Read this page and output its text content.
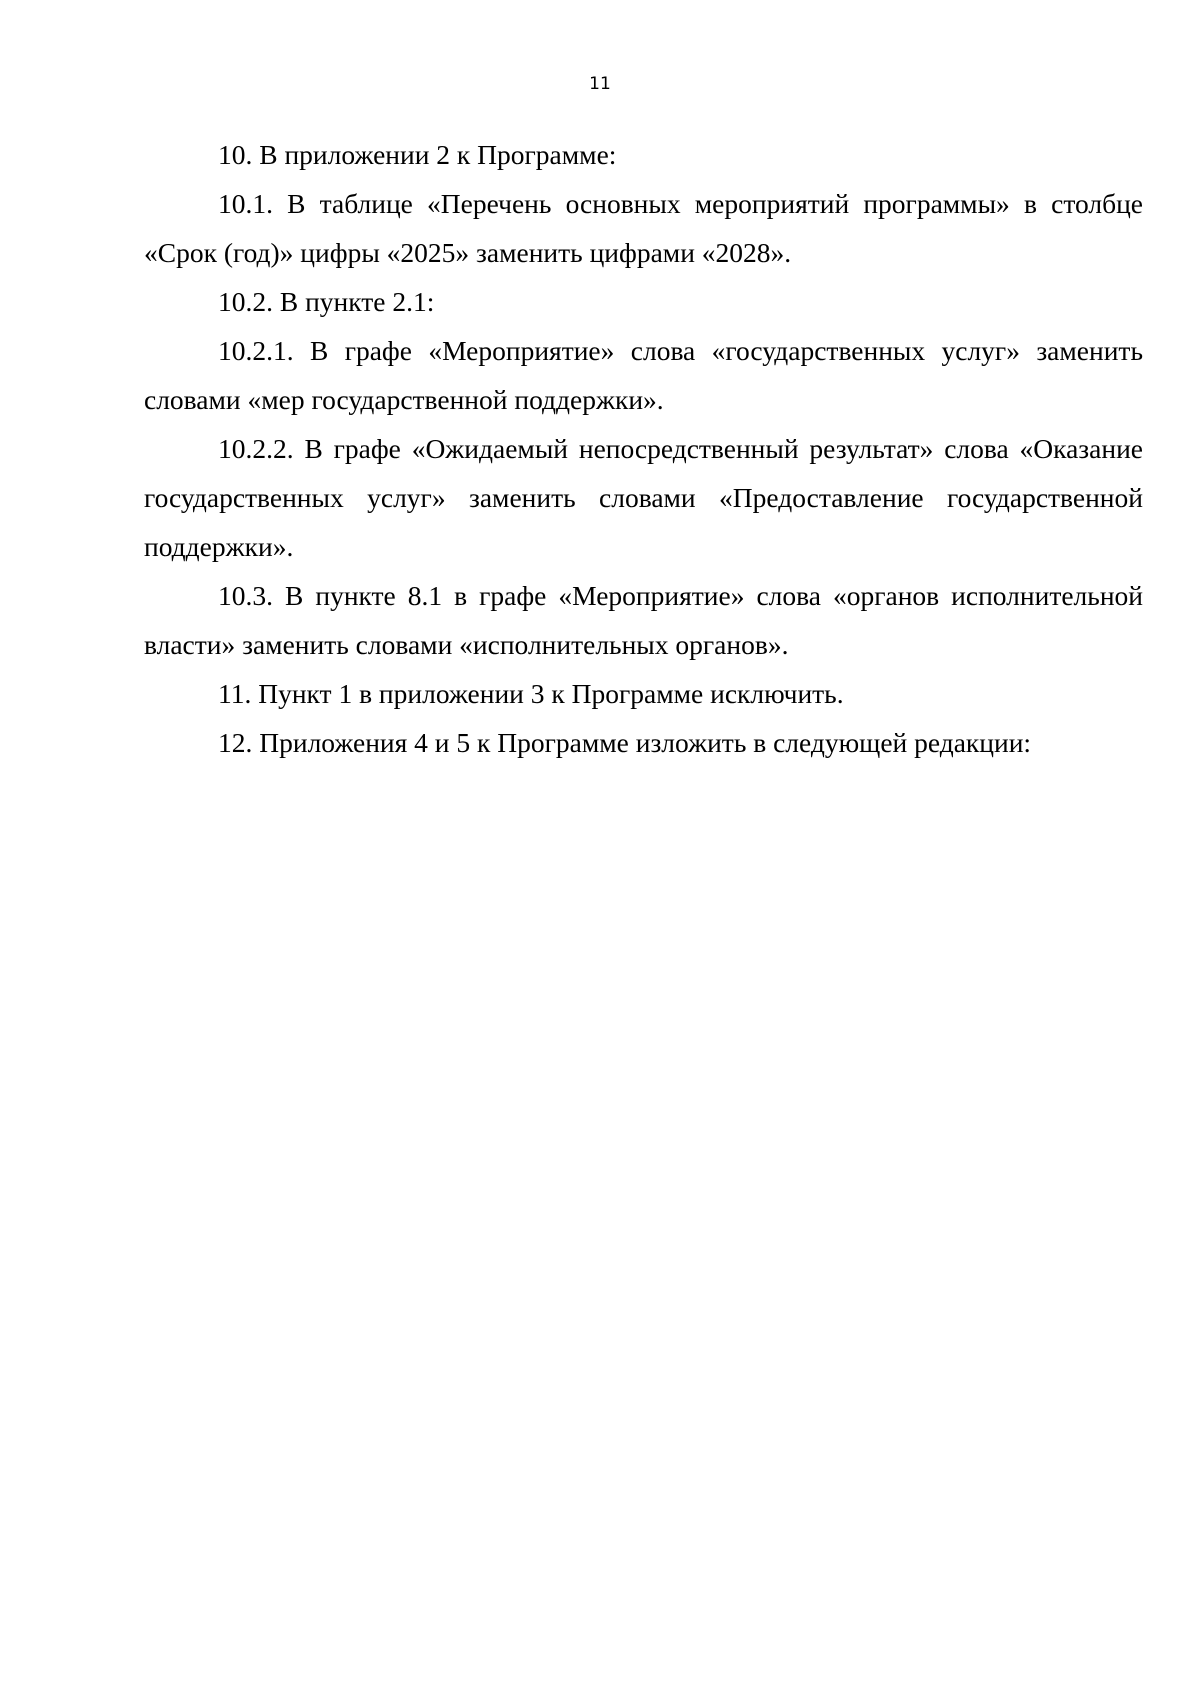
11

10. В приложении 2 к Программе:

10.1. В таблице «Перечень основных мероприятий программы» в столбце «Срок (год)» цифры «2025» заменить цифрами «2028».

10.2. В пункте 2.1:

10.2.1. В графе «Мероприятие» слова «государственных услуг» заменить словами «мер государственной поддержки».

10.2.2. В графе «Ожидаемый непосредственный результат» слова «Оказание государственных услуг» заменить словами «Предоставление государственной поддержки».

10.3. В пункте 8.1 в графе «Мероприятие» слова «органов исполнительной власти» заменить словами «исполнительных органов».

11. Пункт 1 в приложении 3 к Программе исключить.

12. Приложения 4 и 5 к Программе изложить в следующей редакции:
